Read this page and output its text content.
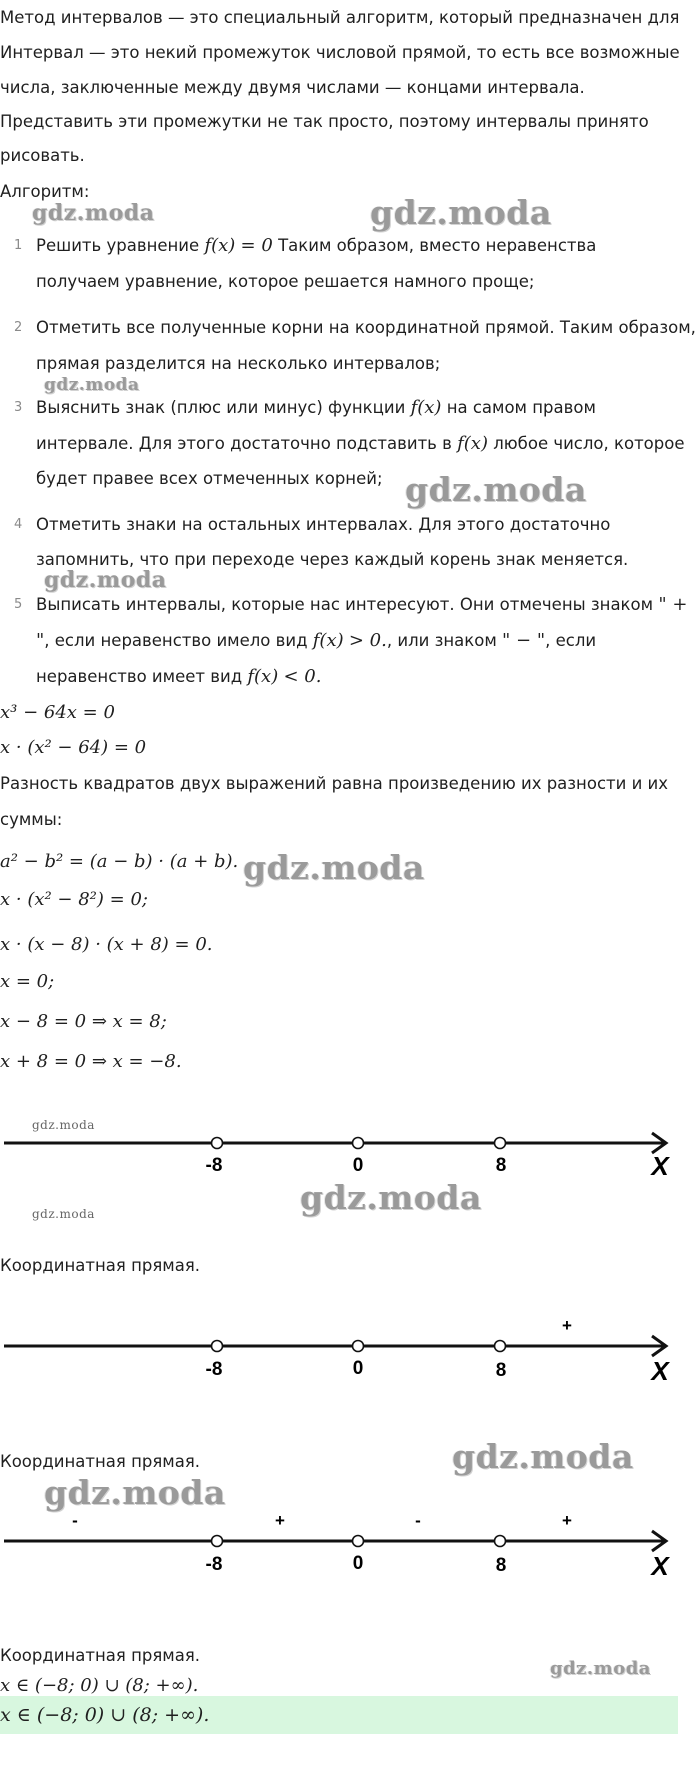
Метод интервалов — это специальный алгоритм, который предназначен для
Интервал — это некий промежуток числовой прямой, то есть все возможные
числа, заключенные между двумя числами — концами интервала.
Представить эти промежутки не так просто, поэтому интервалы принято
рисовать.
Алгоритм:
gdz.moda	gdz.moda
gdz.moda
gdz.moda
gdz.moda
gdz.moda
gdz.moda
gdz.moda
gdz.moda
gdz.moda
gdz.moda
gdz.moda
1 Решить уравнение f(x) = 0 Таким образом, вместо неравенства
получаем уравнение, которое решается намного проще;
2 Отметить все полученные корни на координатной прямой. Таким образом,
прямая разделится на несколько интервалов;
3 Выяснить знак (плюс или минус) функции f(x) на самом правом
интервале. Для этого достаточно подставить в f(x) любое число, которое
будет правее всех отмеченных корней;
4 Отметить знаки на остальных интервалах. Для этого достаточно
запомнить, что при переходе через каждый корень знак меняется.
5 Выписать интервалы, которые нас интересуют. Они отмечены знаком " +
", если неравенство имело вид f(x) > 0., или знаком " − ", если
неравенство имеет вид f(x) < 0.
x³ − 64x = 0
x · (x² − 64) = 0
Разность квадратов двух выражений равна произведению их разности и их
суммы:
a² − b² = (a − b) · (a + b).
x · (x² − 8²) = 0;
x · (x − 8) · (x + 8) = 0.
x = 0;
x − 8 = 0 ⇒ x = 8;
x + 8 = 0 ⇒ x = −8.
-8	0	8	X
Координатная прямая.
+
-8	0	8	X
Координатная прямая.
-	+	-	+
-8	0	8	X
Координатная прямая.
x ∈ (−8; 0) ∪ (8; +∞).
x ∈ (−8; 0) ∪ (8; +∞).
